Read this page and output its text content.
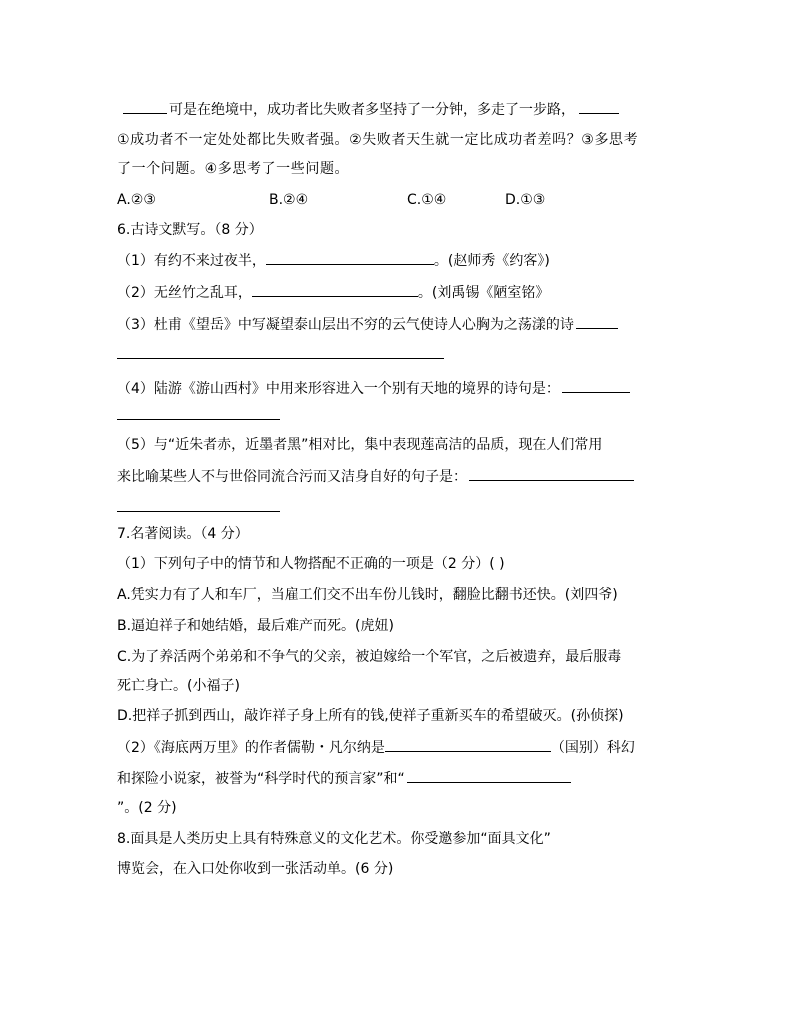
可是在绝境中，成功者比失败者多坚持了一分钟，多走了一步路，

①成功者不一定处处都比失败者强。②失败者天生就一定比成功者差吗？③多思考

了一个问题。④多思考了一些问题。

A.②③	B.②④	C.①④	D.①③

6.古诗文默写。（8 分）

（1）有约不来过夜半，	。(赵师秀《约客》)

（2）无丝竹之乱耳，	。(刘禹锡《陋室铭》

（3）杜甫《望岳》中写凝望泰山层出不穷的云气使诗人心胸为之荡漾的诗

（4）陆游《游山西村》中用来形容进入一个别有天地的境界的诗句是：

（5）与“近朱者赤，近墨者黑”相对比，集中表现莲高洁的品质，现在人们常用

来比喻某些人不与世俗同流合污而又洁身自好的句子是：

7.名著阅读。（4 分）

（1）下列句子中的情节和人物搭配不正确的一项是（2 分）( )

A.凭实力有了人和车厂，当雇工们交不出车份儿钱时，翻脸比翻书还快。(刘四爷)

B.逼迫祥子和她结婚，最后难产而死。(虎妞)

C.为了养活两个弟弟和不争气的父亲，被迫嫁给一个军官，之后被遗弃，最后服毒

死亡身亡。(小福子)

D.把祥子抓到西山，敲诈祥子身上所有的钱,使祥子重新买车的希望破灭。(孙侦探)

（2）《海底两万里》的作者儒勒・凡尔纳是	（国别）科幻

和探险小说家，被誉为“科学时代的预言家”和“

”。(2 分)

8.面具是人类历史上具有特殊意义的文化艺术。你受邀参加“面具文化”

博览会，在入口处你收到一张活动单。(6 分)
